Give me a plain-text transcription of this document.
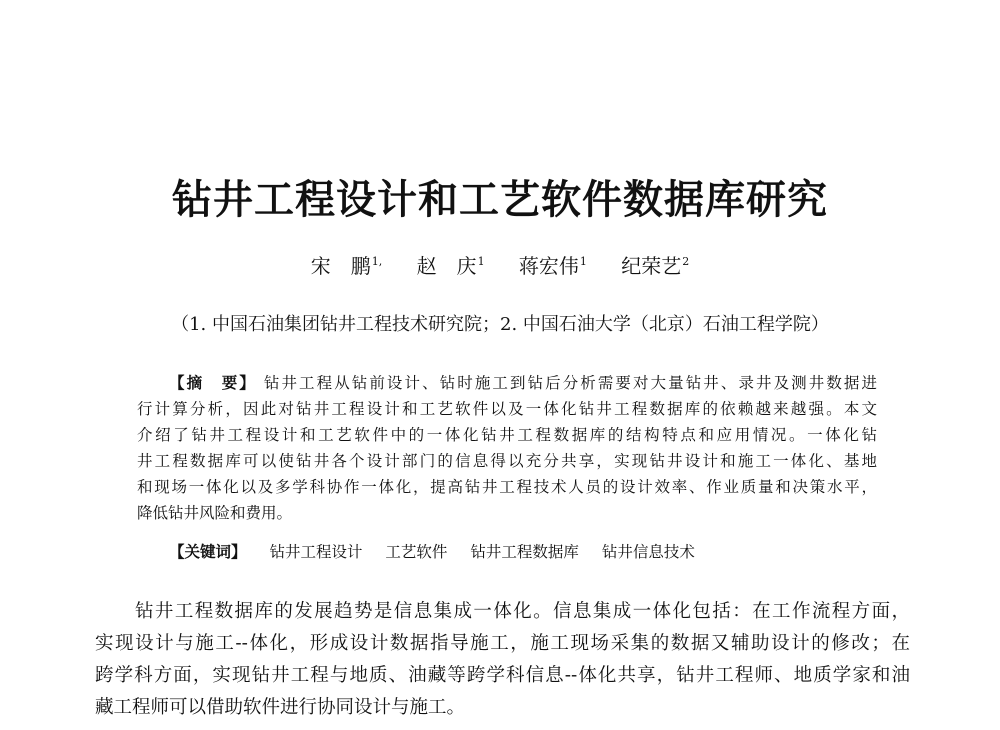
钻井工程设计和工艺软件数据库研究
宋　鹏$^{1,}$ 赵　庆$^1$ 蒋宏伟$^1$ 纪荣艺$^2$
（1. 中国石油集团钻井工程技术研究院；2. 中国石油大学（北京）石油工程学院）
【摘　要】 钻井工程从钻前设计、钻时施工到钻后分析需要对大量钻井、录井及测井数据进
行计算分析，因此对钻井工程设计和工艺软件以及一体化钻井工程数据库的依赖越来越强。本文
介绍了钻井工程设计和工艺软件中的一体化钻井工程数据库的结构特点和应用情况。一体化钻
井工程数据库可以使钻井各个设计部门的信息得以充分共享，实现钻井设计和施工一体化、基地
和现场一体化以及多学科协作一体化，提高钻井工程技术人员的设计效率、作业质量和决策水平，
降低钻井风险和费用。
【关键词】 钻井工程设计 工艺软件 钻井工程数据库 钻井信息技术
钻井工程数据库的发展趋势是信息集成一体化。信息集成一体化包括：在工作流程方面，
实现设计与施工--体化，形成设计数据指导施工，施工现场采集的数据又辅助设计的修改；在
跨学科方面，实现钻井工程与地质、油藏等跨学科信息--体化共享，钻井工程师、地质学家和油
藏工程师可以借助软件进行协同设计与施工。
